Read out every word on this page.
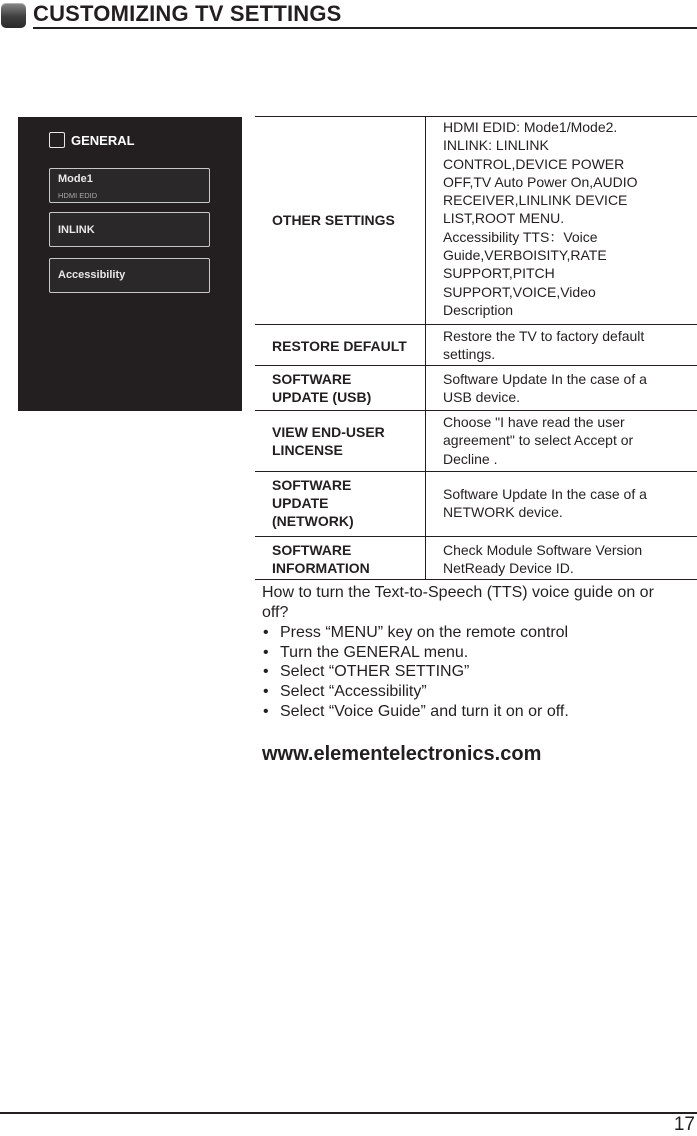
CUSTOMIZING TV SETTINGS
GENERAL
Mode1
HDMI EDID
INLINK
Accessibility
OTHER SETTINGS
HDMI EDID: Mode1/Mode2.
INLINK: LINLINK
CONTROL,DEVICE POWER
OFF,TV Auto Power On,AUDIO
RECEIVER,LINLINK DEVICE
LIST,ROOT MENU.
Accessibility TTS：Voice
Guide,VERBOISITY,RATE
SUPPORT,PITCH
SUPPORT,VOICE,Video
Description
RESTORE DEFAULT
Restore the TV to factory default
settings.
SOFTWARE
UPDATE (USB)
Software Update In the case of a
USB device.
VIEW END-USER
LINCENSE
Choose "I have read the user
agreement" to select Accept or
Decline .
SOFTWARE
UPDATE
(NETWORK)
Software Update In the case of a
NETWORK device.
SOFTWARE
INFORMATION
Check Module Software Version
NetReady Device ID.
How to turn the Text-to-Speech (TTS) voice guide on or
off?
• Press “MENU” key on the remote control
• Turn the GENERAL menu.
• Select “OTHER SETTING”
• Select “Accessibility”
• Select “Voice Guide” and turn it on or off.
www.elementelectronics.com
17
